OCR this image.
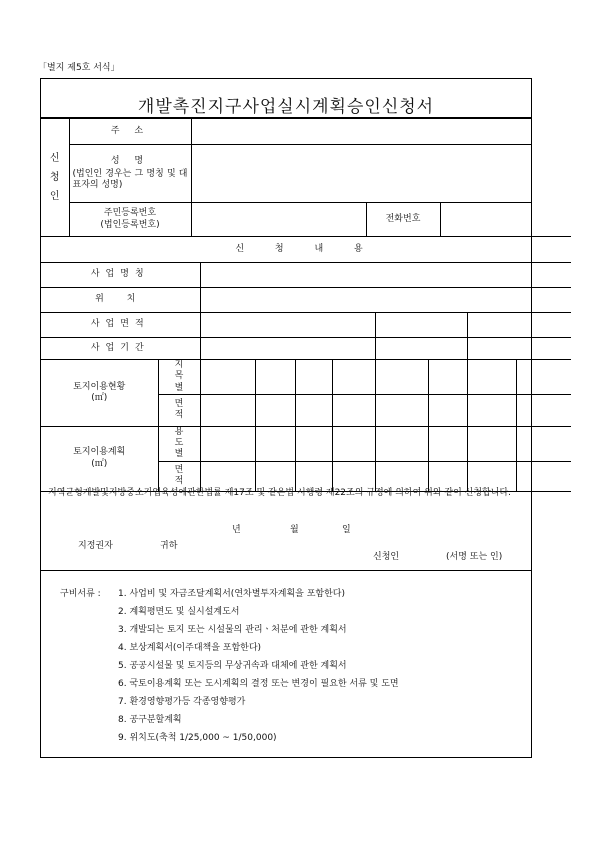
「별지 제5호 서식」
개발촉진지구사업실시계획승인신청서
신
청
인	주 소			

	성 명
(법인인 경우는 그 명칭 및 대표자의 성명)			

	주민등록번호
(법인등록번호)		전화번호	
신 청 내 용									
사업명칭									
위 치									
사업면적									
사업기간									

토지이용현황
(㎡)	지목별								
	면적								

토지이용계획
(㎡)	용도별								
	면적								
지역균형개발및지방중소기업육성에관한법률 제17조 및 같은법 시행령 제22조의 규정에 의하여 위와 같이 신청합니다.
년	월	일
지정권자	귀하
신청인	(서명 또는 인)
구비서류 : 1. 사업비 및 자금조달계획서(연차별투자계획을 포함한다)
2. 계획평면도 및 실시설계도서
3. 개발되는 토지 또는 시설물의 관리ㆍ처분에 관한 계획서
4. 보상계획서(이주대책을 포함한다)
5. 공공시설물 및 토지등의 무상귀속과 대체에 관한 계획서
6. 국토이용계획 또는 도시계획의 결정 또는 변경이 필요한 서류 및 도면
7. 환경영향평가등 각종영향평가
8. 공구분할계획
9. 위치도(축척 1/25,000 ~ 1/50,000)
